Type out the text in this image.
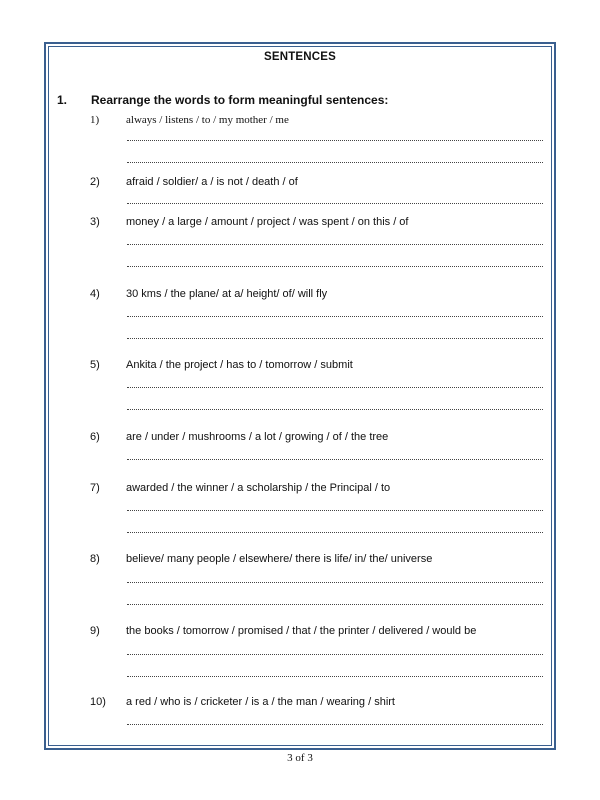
SENTENCES
1. Rearrange the words to form meaningful sentences:
1) always / listens / to / my mother / me
2) afraid / soldier/ a / is not / death / of
3) money / a large / amount / project / was spent / on this / of
4) 30 kms / the plane/ at a/ height/ of/ will fly
5) Ankita / the project / has to / tomorrow / submit
6) are / under / mushrooms / a lot / growing / of / the tree
7) awarded / the winner / a scholarship / the Principal / to
8) believe/ many people / elsewhere/ there is life/ in/ the/ universe
9) the books / tomorrow / promised / that / the printer / delivered / would be
10) a red / who is / cricketer / is a / the man / wearing / shirt
3 of 3
